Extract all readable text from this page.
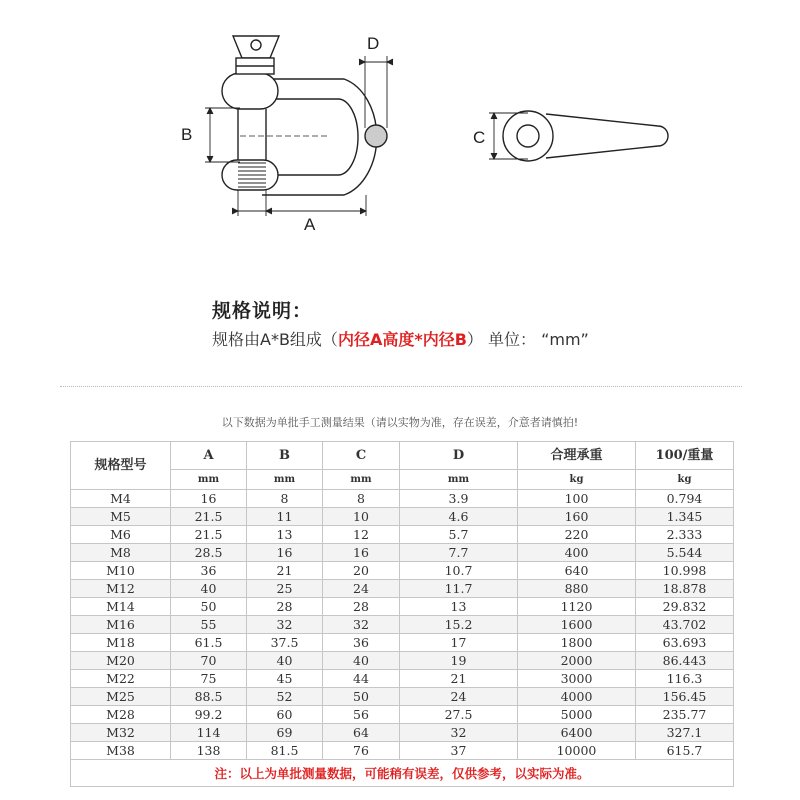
D
B
A
C
规格说明：
规格由A*B组成（内径A高度*内径B） 单位： “mm”
以下数据为单批手工测量结果（请以实物为准，存在误差，介意者请慎拍!
规格型号	A	B	C	D	合理承重	100/重量
	mm	mm	mm	mm	kg	kg
M4	16	8	8	3.9	100	0.794
M5	21.5	11	10	4.6	160	1.345
M6	21.5	13	12	5.7	220	2.333
M8	28.5	16	16	7.7	400	5.544
M10	36	21	20	10.7	640	10.998
M12	40	25	24	11.7	880	18.878
M14	50	28	28	13	1120	29.832
M16	55	32	32	15.2	1600	43.702
M18	61.5	37.5	36	17	1800	63.693
M20	70	40	40	19	2000	86.443
M22	75	45	44	21	3000	116.3
M25	88.5	52	50	24	4000	156.45
M28	99.2	60	56	27.5	5000	235.77
M32	114	69	64	32	6400	327.1
M38	138	81.5	76	37	10000	615.7
注：以上为单批测量数据，可能稍有误差，仅供参考，以实际为准。						
